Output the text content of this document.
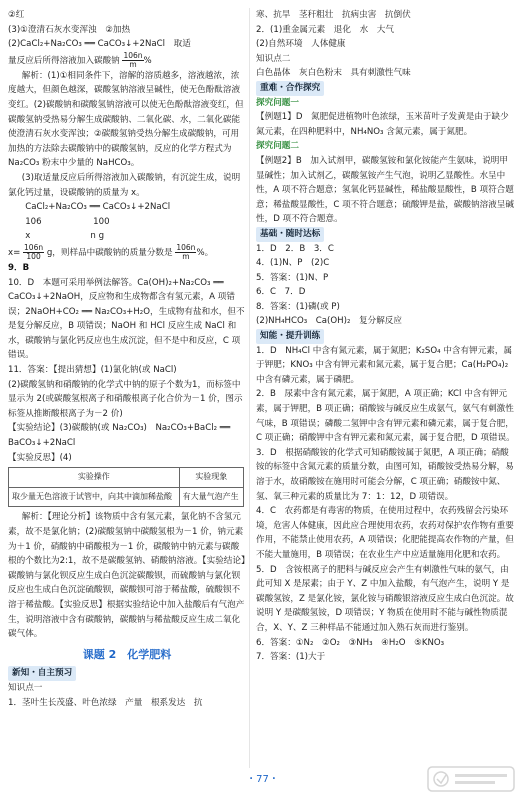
②红

(3)①澄清石灰水变浑浊　②加热

(2)CaCl₂+Na₂CO₃ ══ CaCO₃↓+2NaCl　取适

量反应后所得溶液加入碳酸钠 $\frac{106n}{m}$ %

解析：(1)①相同条件下，溶解的溶质越多，溶液越浓，浓度越大，但颜色越深，碳酸氢钠溶液呈碱性，使无色酚酞溶液变红。(2)碳酸钠和碳酸氢钠溶液可以使无色酚酞溶液变红，但碳酸氢钠受热易分解生成碳酸钠、二氧化碳、水，二氧化碳能使澄清石灰水变浑浊；②碳酸氢钠受热分解生成碳酸钠，可用加热的方法除去碳酸钠中的碳酸氢钠，反应的化学方程式为 Na₂CO₃ 粉末中少量的 NaHCO₃。

(3)取适量反应后所得溶液加入碳酸钠，有沉淀生成，说明氯化钙过量，设碳酸钠的质量为 x。

CaCl₂+Na₂CO₃ ══ CaCO₃↓+2NaCl

106　　　　　　100

x　　　　　　　n g

$x= \frac{106n}{100}$ g，则样品中碳酸钠的质量分数是 $\frac{106n}{m}$ %。

9．B

10．D　本题可采用举例法解答。Ca(OH)₂+Na₂CO₃ ══ CaCO₃↓+2NaOH，反应物和生成物都含有氢元素，A 项错误；2NaOH+CO₂ ══ Na₂CO₃+H₂O，生成物有盐和水，但不是复分解反应，B 项错误；NaOH 和 HCl 反应生成 NaCl 和水，碳酸钠与氯化钙反应也生成沉淀，但不是中和反应，C 项错误。

11．答案：【提出猜想】(1)氯化钠(或 NaCl)

(2)碳酸氢钠和硝酸钠的化学式中钠的原子个数为1，而标签中显示为 2(或碳酸氢根离子和硝酸根离子化合价为－1 价，图示标签从推断酸根离子为－2 价)

【实验结论】(3)碳酸钠(或 Na₂CO₃)　Na₂CO₃+BaCl₂ ══ BaCO₃↓+2NaCl

【实验反思】(4)

实验操作	实验现象
取少量无色溶液于试管中，向其中滴加稀盐酸	有大量气泡产生

解析：【理论分析】该物质中含有氢元素，氯化钠不含氢元素，故不是氯化钠；(2)碳酸氢钠中碳酸氢根为－1 价，钠元素为＋1 价，硝酸钠中硝酸根为－1 价，碳酸钠中钠元素与碳酸根的个数比为2:1，故不是碳酸氢钠、硝酸钠溶液。【实验结论】碳酸钠与氯化钡反应生成白色沉淀碳酸钡，而硫酸钠与氯化钡反应也生成白色沉淀硫酸钡，碳酸钡可溶于稀盐酸，硫酸钡不溶于稀盐酸。【实验反思】根据实验结论中加入盐酸后有气泡产生，说明溶液中含有碳酸钠，碳酸钠与稀盐酸反应生成二氧化碳气体。

课题 2　化学肥料

新知・自主预习

知识点一

1．茎叶生长茂盛、叶色浓绿　产量　根系发达　抗

寒、抗旱　茎秆粗壮　抗病虫害　抗倒伏

2．(1)重金属元素　退化　水　大气

(2)自然环境　人体健康

知识点二

白色晶体　灰白色粉末　具有刺激性气味

重难・合作探究

探究问题一

【例题1】D　氮肥促进植物叶色浓绿，玉米苗叶子发黄是由于缺少氮元素，在四种肥料中，NH₄NO₃ 含氮元素，属于氮肥。

探究问题二

【例题2】B　加入试剂甲，碳酸氢铵和氯化铵能产生氨味，说明甲显碱性；加入试剂乙，碳酸氢铵产生气泡，说明乙显酸性。水呈中性，A 项不符合题意；氢氧化钙显碱性，稀盐酸显酸性，B 项符合题意；稀盐酸显酸性，C 项不符合题意；硫酸钾是盐，碳酸钠溶液呈碱性，D 项不符合题意。

基础・随时达标

1．D　2．B　3．C

4．(1)N、P　(2)C

5．答案：(1)N、P

6．C　7．D

8．答案：(1)磷(或 P)

(2)NH₄HCO₃　Ca(OH)₂　复分解反应

知能・提升训练

1．D　NH₄Cl 中含有氮元素，属于氮肥；K₂SO₄ 中含有钾元素，属于钾肥；KNO₃ 中含有钾元素和氮元素，属于复合肥；Ca(H₂PO₄)₂ 中含有磷元素，属于磷肥。

2．B　尿素中含有氮元素，属于氮肥，A 项正确；KCl 中含有钾元素，属于钾肥，B 项正确；硝酸铵与碱反应生成氨气，氨气有刺激性气味，B 项错误；磷酸二氢钾中含有钾元素和磷元素，属于复合肥，C 项正确；硝酸钾中含有钾元素和氮元素，属于复合肥，D 项错误。

3．D　根据硝酸铵的化学式可知硝酸铵属于氮肥，A 项正确；硝酸铵的标签中含氮元素的质量分数，由图可知，硝酸铵受热易分解，易溶于水，故硝酸铵在施用时可能会分解，C 项正确；硝酸铵中氮、氢、氧三种元素的质量比为 7：1：12，D 项错误。

4．C　农药都是有毒害的物质，在使用过程中，农药残留会污染环境，危害人体健康，因此应合理使用农药，农药对保护农作物有重要作用，不能禁止使用农药，A 项错误；化肥能提高农作物的产量，但不能大量施用，B 项错误；在农业生产中应适量施用化肥和农药。

5．D　含铵根离子的肥料与碱反应会产生有刺激性气味的氨气，由此可知 X 是尿素；由于 Y、Z 中加入盐酸，有气泡产生，说明 Y 是碳酸氢铵，Z 是氯化铵，氯化铵与硝酸银溶液反应生成白色沉淀。故说明 Y 是碳酸氢铵，D 项错误；Y 物质在使用时不能与碱性物质混合，X、Y、Z 三种样品不能通过加入熟石灰而进行鉴别。

6．答案：①N₂　②O₂　③NH₃　④H₂O　⑤KNO₃

7．答案：(1)大于

・77・
